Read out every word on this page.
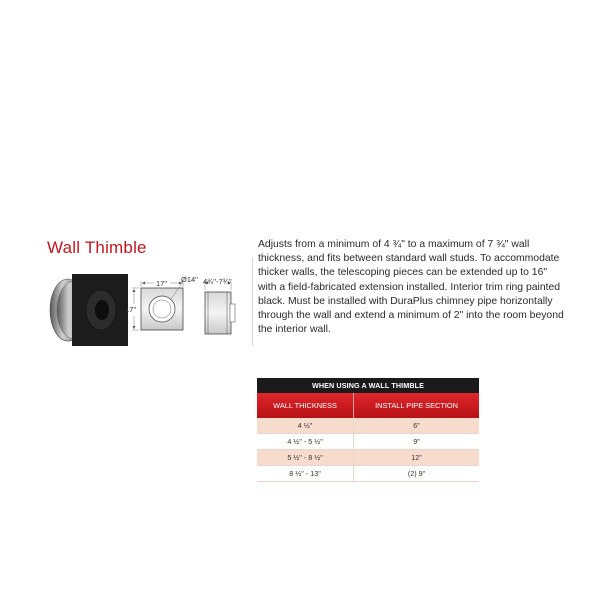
Wall Thimble	Adjusts from a minimum of 4 ¾" to a maximum of 7 ¾" wall thickness, and fits between standard wall studs. To accommodate thicker walls, the telescoping pieces can be extended up to 16" with a field-fabricated extension installed. Interior trim ring painted black. Must be installed with DuraPlus chimney pipe horizontally through the wall and extend a minimum of 2" into the room beyond the interior wall.
17"
17"
Ø14" 4¾"-7¾"
WHEN USING A WALL THIMBLE	
WALL THICKNESS	INSTALL PIPE SECTION
4 ½"	6"
4 ½" - 5 ½"	9"
5 ½" - 8 ½"	12"
8 ½" - 13"	(2) 9"
